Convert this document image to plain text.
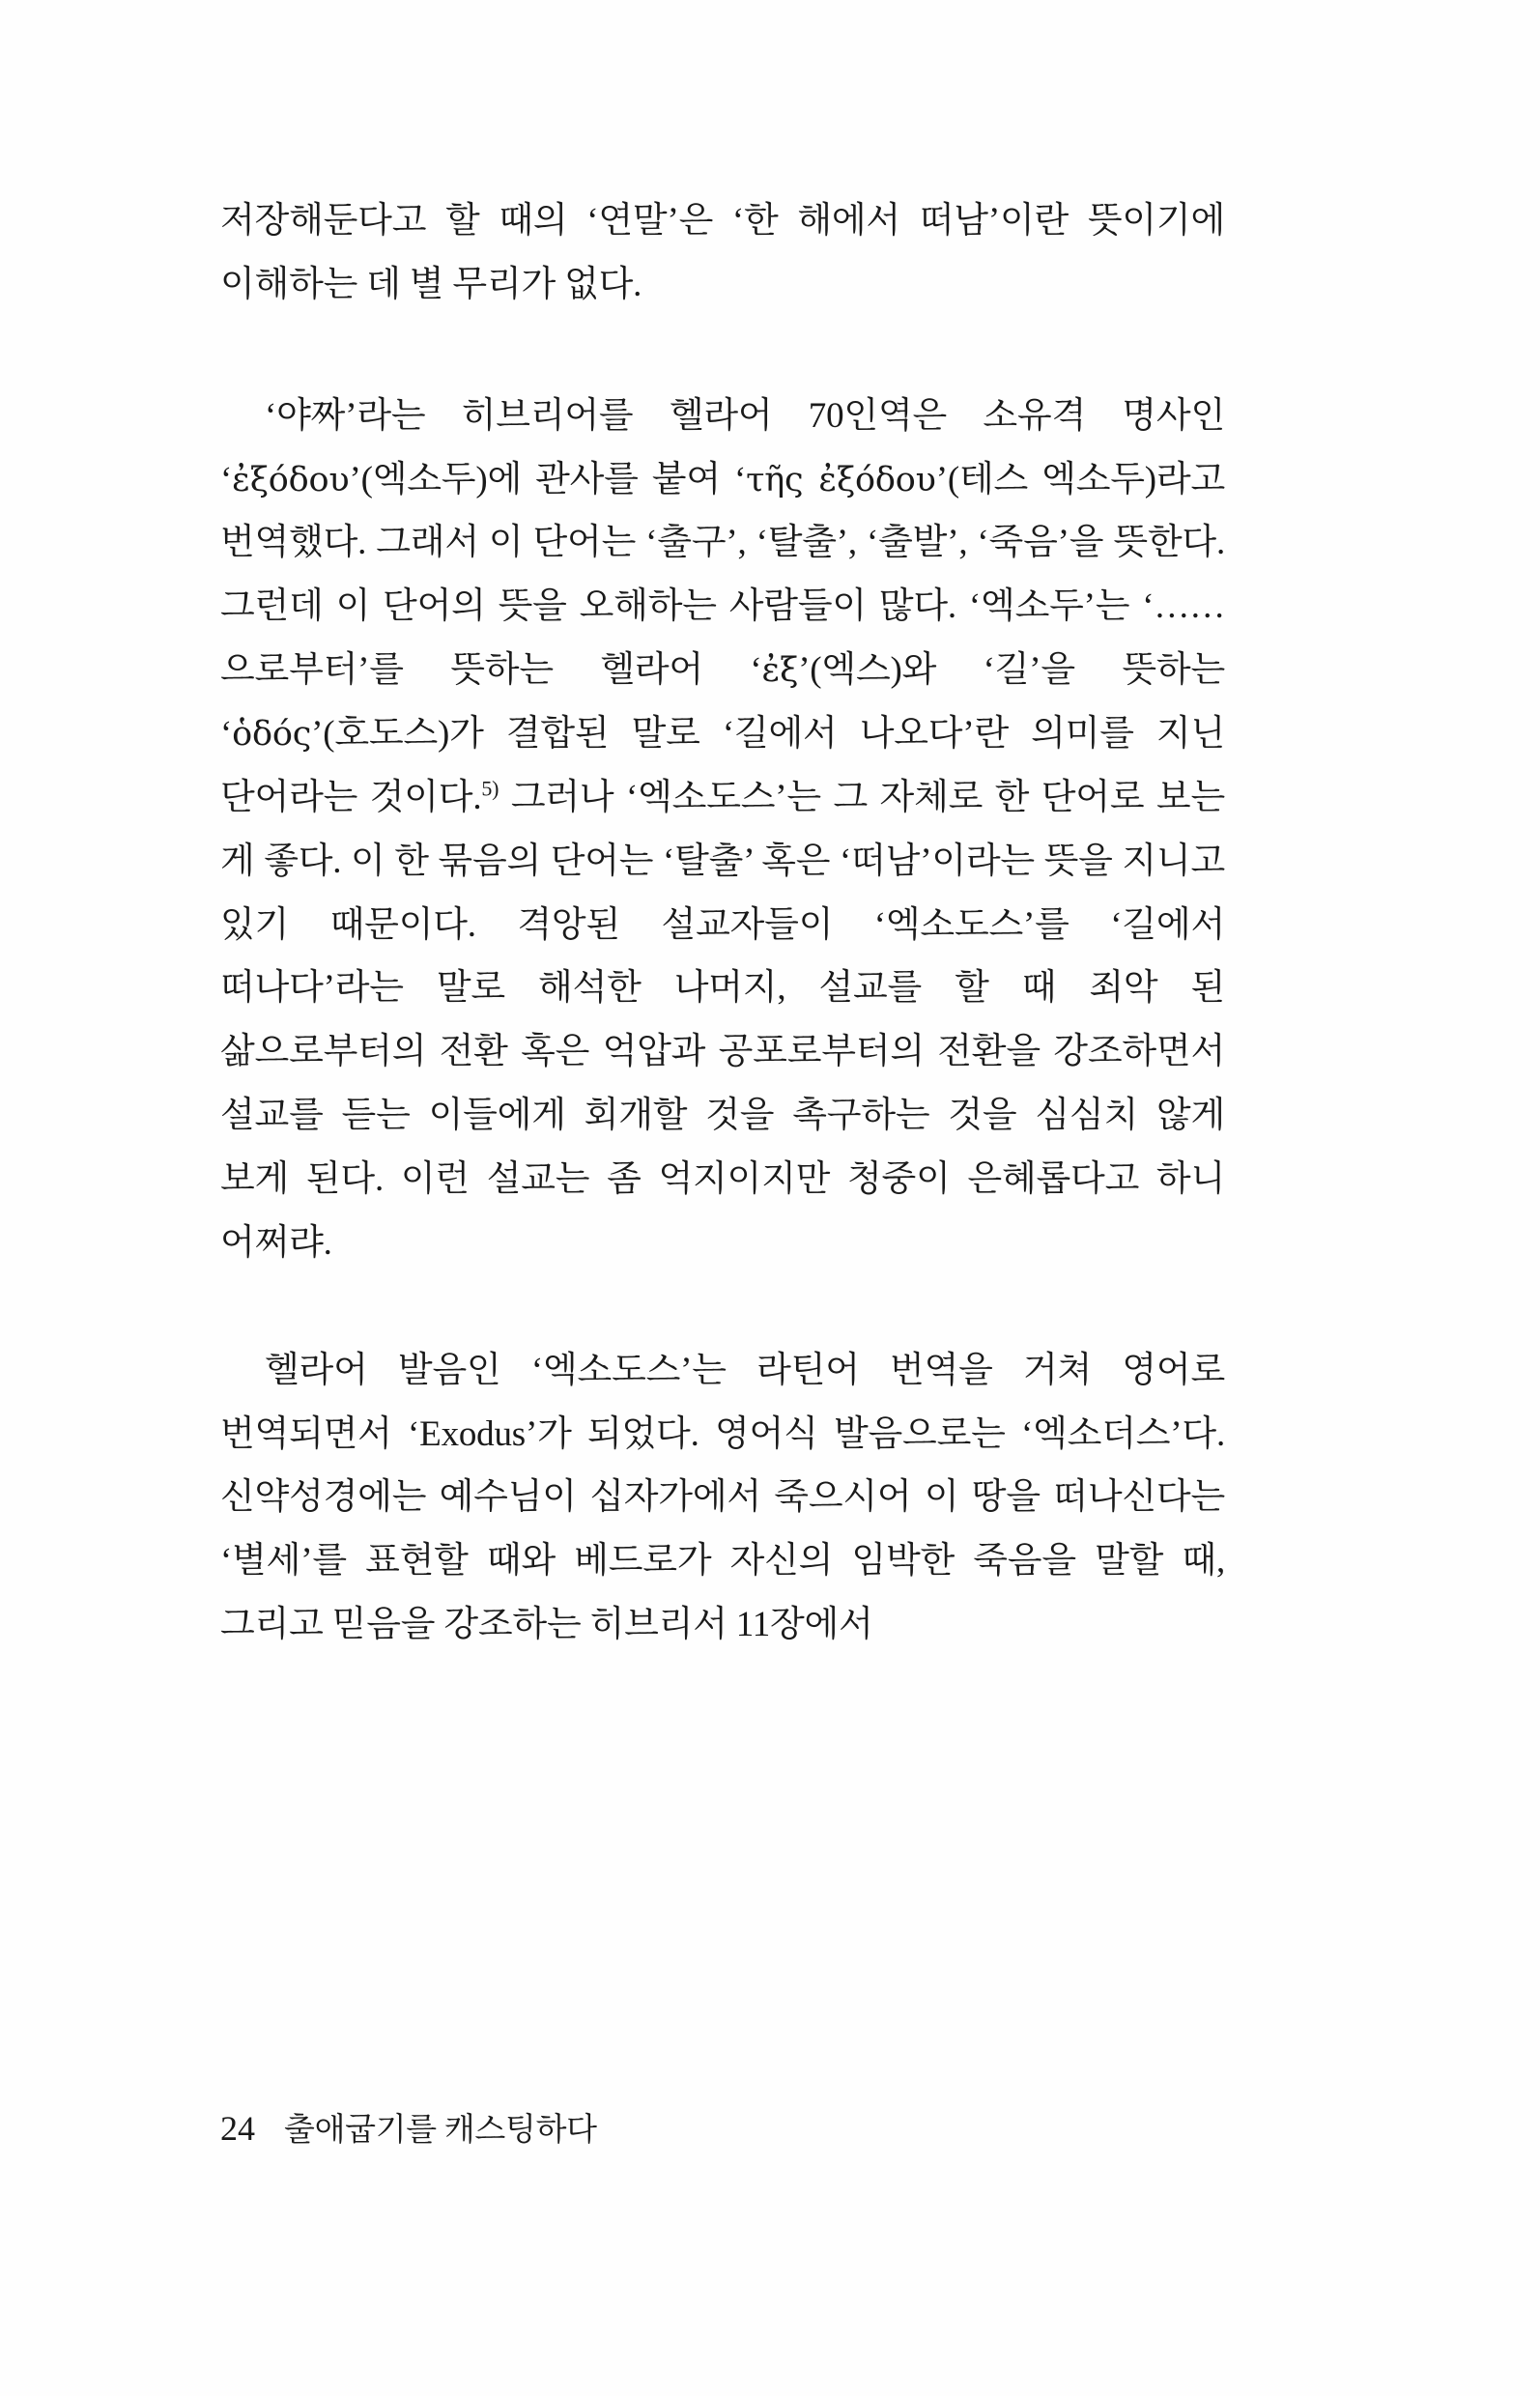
저장해둔다고 할 때의 ‘연말’은 ‘한 해에서 떠남’이란 뜻이기에 이해하는 데 별 무리가 없다.

‘야짜’라는 히브리어를 헬라어 70인역은 소유격 명사인 ‘ἐξόδου’(엑소두)에 관사를 붙여 ‘τῆς ἐξόδου’(테스 엑소두)라고 번역했다. 그래서 이 단어는 ‘출구’, ‘탈출’, ‘출발’, ‘죽음’을 뜻한다. 그런데 이 단어의 뜻을 오해하는 사람들이 많다. ‘엑소두’는 ‘……으로부터’를 뜻하는 헬라어 ‘ἐξ’(엑스)와 ‘길’을 뜻하는 ‘ὁδός’(호도스)가 결합된 말로 ‘길에서 나오다’란 의미를 지닌 단어라는 것이다.$^{5)}$ 그러나 ‘엑소도스’는 그 자체로 한 단어로 보는 게 좋다. 이 한 묶음의 단어는 ‘탈출’ 혹은 ‘떠남’이라는 뜻을 지니고 있기 때문이다. 격앙된 설교자들이 ‘엑소도스’를 ‘길에서 떠나다’라는 말로 해석한 나머지, 설교를 할 때 죄악 된 삶으로부터의 전환 혹은 억압과 공포로부터의 전환을 강조하면서 설교를 듣는 이들에게 회개할 것을 촉구하는 것을 심심치 않게 보게 된다. 이런 설교는 좀 억지이지만 청중이 은혜롭다고 하니 어쩌랴.

헬라어 발음인 ‘엑소도스’는 라틴어 번역을 거쳐 영어로 번역되면서 ‘Exodus’가 되었다. 영어식 발음으로는 ‘엑소더스’다. 신약성경에는 예수님이 십자가에서 죽으시어 이 땅을 떠나신다는 ‘별세’를 표현할 때와 베드로가 자신의 임박한 죽음을 말할 때, 그리고 믿음을 강조하는 히브리서 11장에서

24 출애굽기를 캐스팅하다
